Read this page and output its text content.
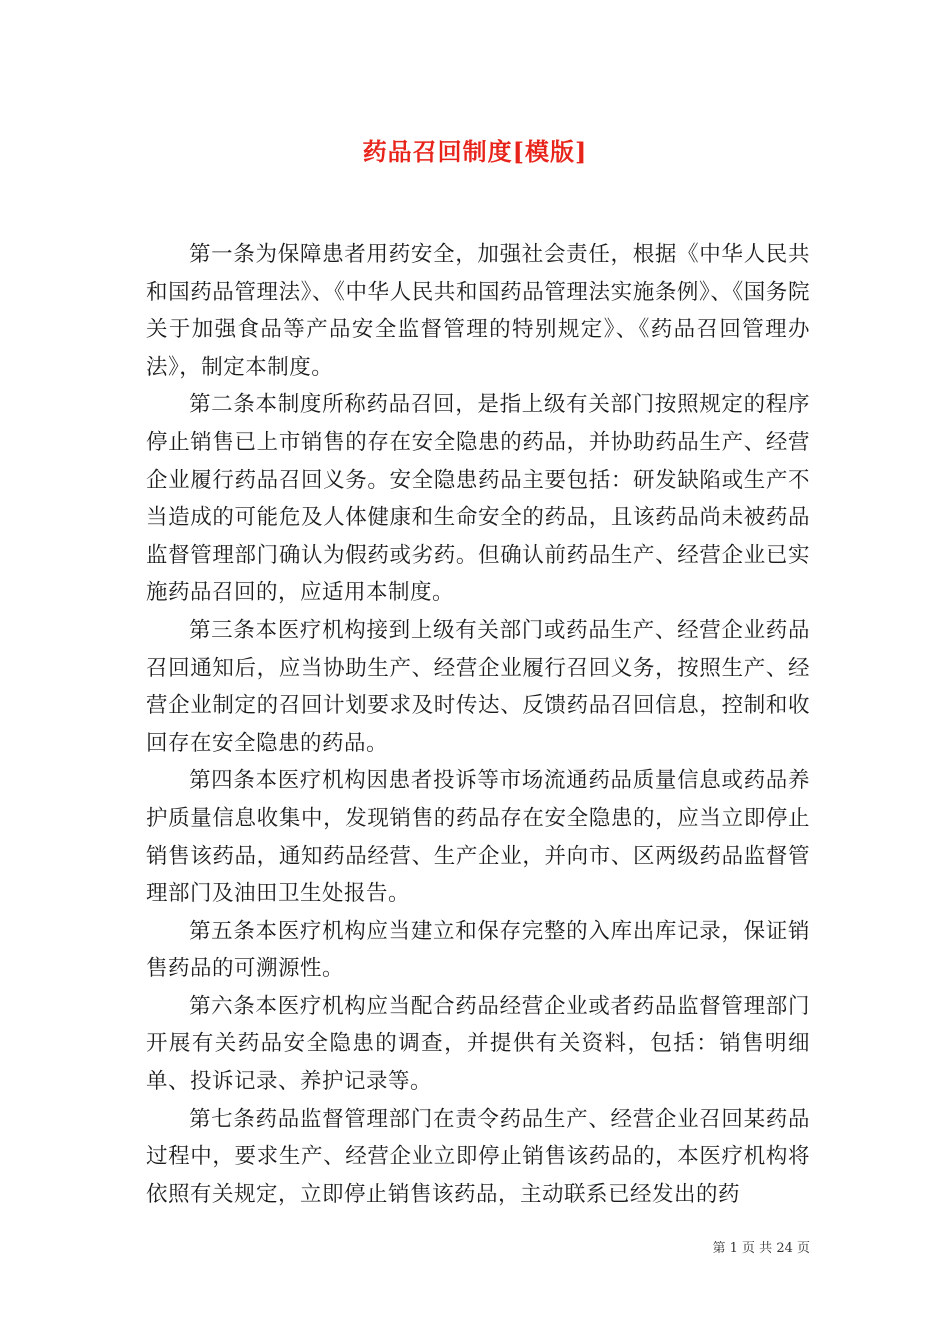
药品召回制度[模版]

第一条为保障患者用药安全，加强社会责任，根据《中华人民共和国药品管理法》、《中华人民共和国药品管理法实施条例》、《国务院关于加强食品等产品安全监督管理的特别规定》、《药品召回管理办法》，制定本制度。

第二条本制度所称药品召回，是指上级有关部门按照规定的程序停止销售已上市销售的存在安全隐患的药品，并协助药品生产、经营企业履行药品召回义务。安全隐患药品主要包括：研发缺陷或生产不当造成的可能危及人体健康和生命安全的药品，且该药品尚未被药品监督管理部门确认为假药或劣药。但确认前药品生产、经营企业已实施药品召回的，应适用本制度。

第三条本医疗机构接到上级有关部门或药品生产、经营企业药品召回通知后，应当协助生产、经营企业履行召回义务，按照生产、经营企业制定的召回计划要求及时传达、反馈药品召回信息，控制和收回存在安全隐患的药品。

第四条本医疗机构因患者投诉等市场流通药品质量信息或药品养护质量信息收集中，发现销售的药品存在安全隐患的，应当立即停止销售该药品，通知药品经营、生产企业，并向市、区两级药品监督管理部门及油田卫生处报告。

第五条本医疗机构应当建立和保存完整的入库出库记录，保证销售药品的可溯源性。

第六条本医疗机构应当配合药品经营企业或者药品监督管理部门开展有关药品安全隐患的调查，并提供有关资料，包括：销售明细单、投诉记录、养护记录等。

第七条药品监督管理部门在责令药品生产、经营企业召回某药品过程中，要求生产、经营企业立即停止销售该药品的，本医疗机构将依照有关规定，立即停止销售该药品，主动联系已经发出的药

第 1 页 共 24 页
